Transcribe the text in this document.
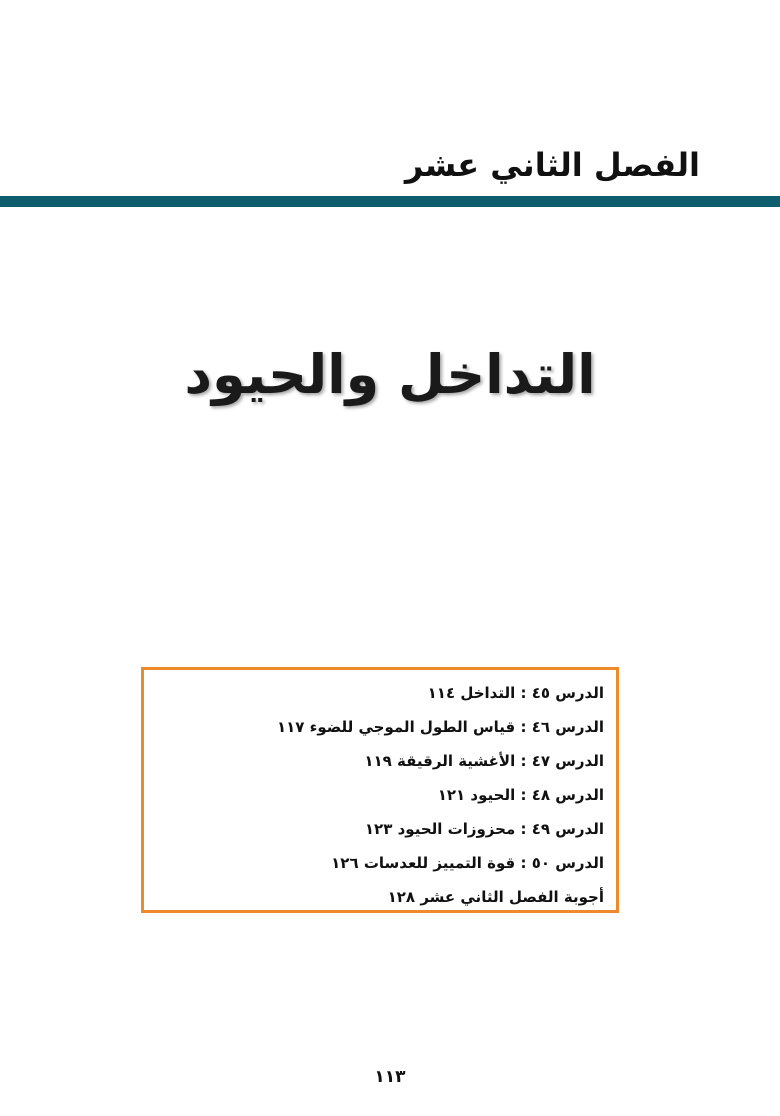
الفصل الثاني عشر
التداخل والحيود
الدرس ٤٥ : التداخل ١١٤
الدرس ٤٦ : قياس الطول الموجي للضوء ١١٧
الدرس ٤٧ : الأغشية الرقيقة ١١٩
الدرس ٤٨ : الحيود ١٢١
الدرس ٤٩ : محزوزات الحيود ١٢٣
الدرس ٥٠ : قوة التمييز للعدسات ١٢٦
أجوبة الفصل الثاني عشر ١٢٨
١١٣
